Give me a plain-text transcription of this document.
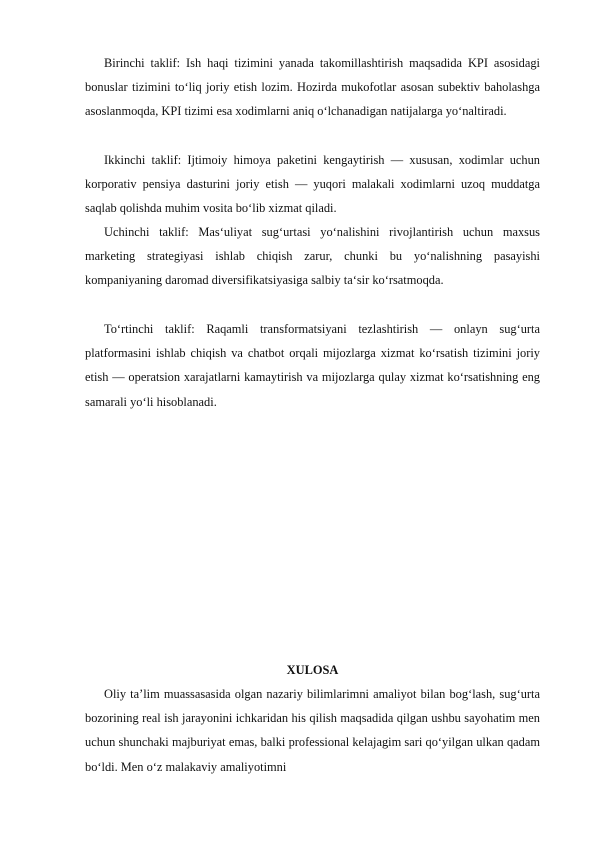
Birinchi taklif: Ish haqi tizimini yanada takomillashtirish maqsadida KPI asosidagi bonuslar tizimini to‘liq joriy etish lozim. Hozirda mukofotlar asosan subektiv baholashga asoslanmoqda, KPI tizimi esa xodimlarni aniq o‘lchanadigan natijalarga yo‘naltiradi.

Ikkinchi taklif: Ijtimoiy himoya paketini kengaytirish — xususan, xodimlar uchun korporativ pensiya dasturini joriy etish — yuqori malakali xodimlarni uzoq muddatga saqlab qolishda muhim vosita bo‘lib xizmat qiladi.

Uchinchi taklif: Mas‘uliyat sug‘urtasi yo‘nalishini rivojlantirish uchun maxsus marketing strategiyasi ishlab chiqish zarur, chunki bu yo‘nalishning pasayishi kompaniyaning daromad diversifikatsiyasiga salbiy ta‘sir ko‘rsatmoqda.

To‘rtinchi taklif: Raqamli transformatsiyani tezlashtirish — onlayn sug‘urta platformasini ishlab chiqish va chatbot orqali mijozlarga xizmat ko‘rsatish tizimini joriy etish — operatsion xarajatlarni kamaytirish va mijozlarga qulay xizmat ko‘rsatishning eng samarali yo‘li hisoblanadi.

XULOSA

Oliy ta’lim muassasasida olgan nazariy bilimlarimni amaliyot bilan bog‘lash, sug‘urta bozorining real ish jarayonini ichkaridan his qilish maqsadida qilgan ushbu sayohatim men uchun shunchaki majburiyat emas, balki professional kelajagim sari qo‘yilgan ulkan qadam bo‘ldi. Men o‘z malakaviy amaliyotimni
